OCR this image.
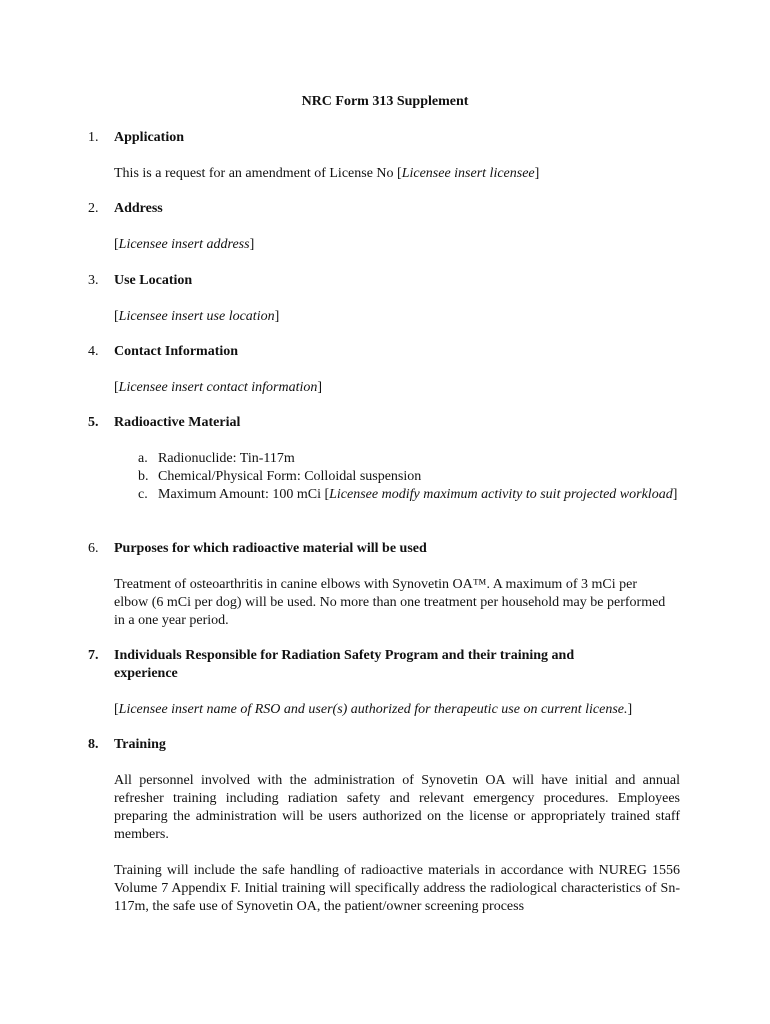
NRC Form 313 Supplement
1.	Application
This is a request for an amendment of License No [Licensee insert licensee]
2.	Address
[Licensee insert address]
3.	Use Location
[Licensee insert use location]
4.	Contact Information
[Licensee insert contact information]
5.	Radioactive Material
a. Radionuclide: Tin-117m
b. Chemical/Physical Form: Colloidal suspension
c. Maximum Amount: 100 mCi [Licensee modify maximum activity to suit projected workload]
6.	Purposes for which radioactive material will be used
Treatment of osteoarthritis in canine elbows with Synovetin OA™. A maximum of 3 mCi per elbow (6 mCi per dog) will be used. No more than one treatment per household may be performed in a one year period.
7.	Individuals Responsible for Radiation Safety Program and their training and experience
[Licensee insert name of RSO and user(s) authorized for therapeutic use on current license.]
8.	Training
All personnel involved with the administration of Synovetin OA will have initial and annual refresher training including radiation safety and relevant emergency procedures. Employees preparing the administration will be users authorized on the license or appropriately trained staff members.
Training will include the safe handling of radioactive materials in accordance with NUREG 1556 Volume 7 Appendix F. Initial training will specifically address the radiological characteristics of Sn-117m, the safe use of Synovetin OA, the patient/owner screening process
